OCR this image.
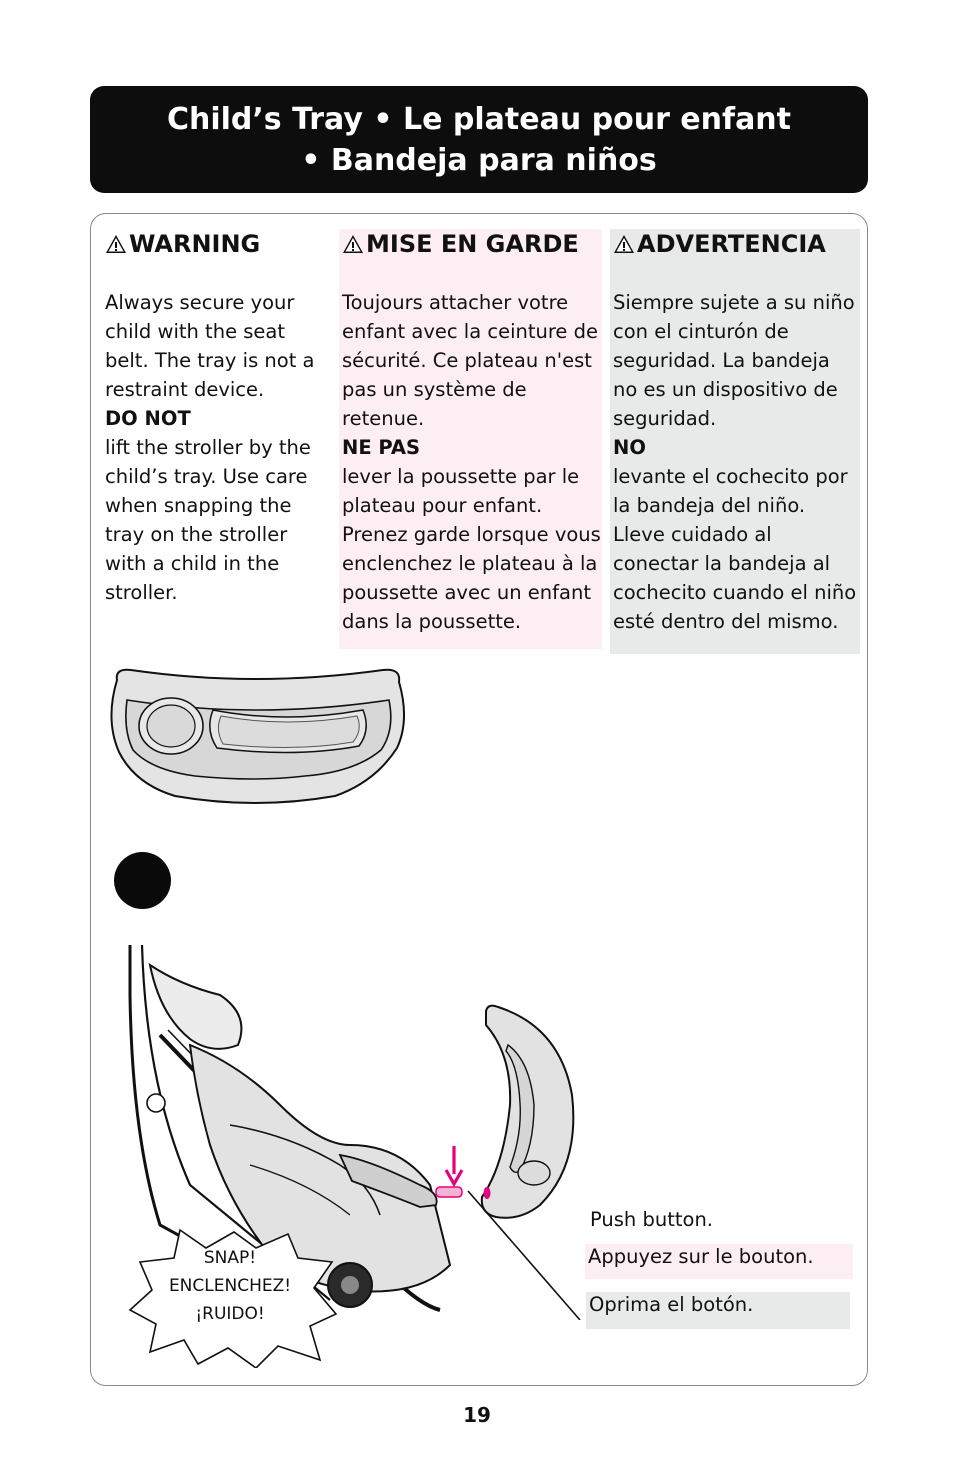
Child’s Tray • Le plateau pour enfant
• Bandeja para niños
WARNING

Always secure your child with the seat belt. The tray is not a restraint device.
DO NOT
lift the stroller by the child’s tray. Use care when snapping the tray on the stroller with a child in the stroller.

MISE EN GARDE

Toujours attacher votre enfant avec la ceinture de sécurité. Ce plateau n'est pas un système de retenue.
NE PAS
lever la poussette par le plateau pour enfant. Prenez garde lorsque vous enclenchez le plateau à la poussette avec un enfant dans la poussette.

ADVERTENCIA

Siempre sujete a su niño con el cinturón de seguridad. La bandeja no es un dispositivo de seguridad.
NO
levante el cochecito por la bandeja del niño. Lleve cuidado al conectar la bandeja al cochecito cuando el niño esté dentro del mismo.

SNAP!
ENCLENCHEZ!
¡RUIDO!
Push button.
Appuyez sur le bouton.
Oprima el botón.
19
